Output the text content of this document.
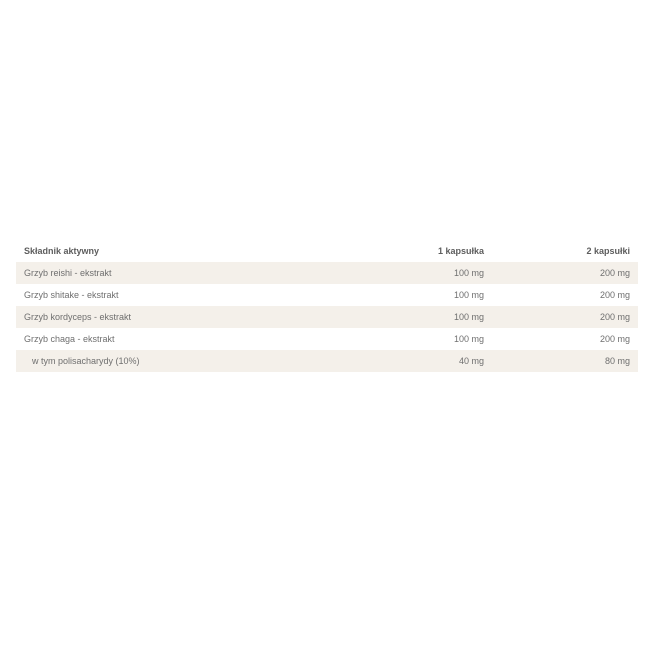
Składnik aktywny	1 kapsułka	2 kapsułki
Grzyb reishi - ekstrakt	100 mg	200 mg
Grzyb shitake - ekstrakt	100 mg	200 mg
Grzyb kordyceps - ekstrakt	100 mg	200 mg
Grzyb chaga - ekstrakt	100 mg	200 mg
w tym polisacharydy (10%)	40 mg	80 mg
